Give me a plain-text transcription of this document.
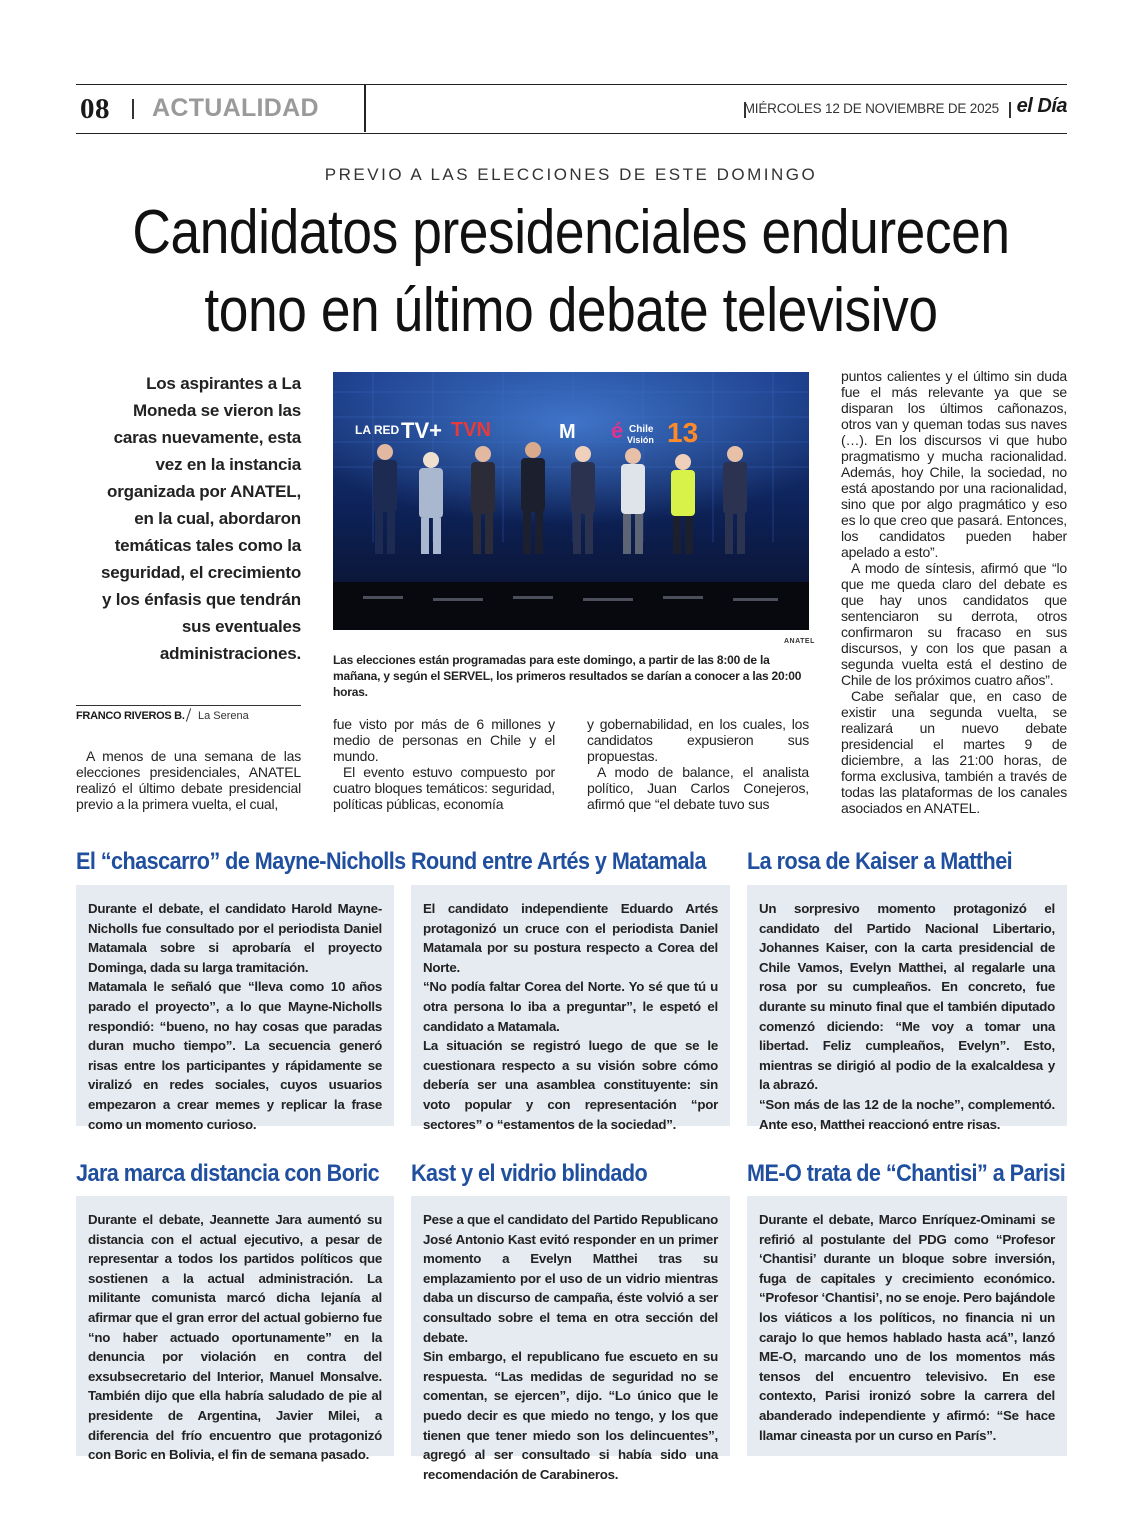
08 ACTUALIDAD	MIÉRCOLES 12 DE NOVIEMBRE DE 2025 el Día
PREVIO A LAS ELECCIONES DE ESTE DOMINGO
Candidatos presidenciales endurecen tono en último debate televisivo
Los aspirantes a La Moneda se vieron las caras nuevamente, esta vez en la instancia organizada por ANATEL, en la cual, abordaron temáticas tales como la seguridad, el crecimiento y los énfasis que tendrán sus eventuales administraciones.
LA RED TV+ TVN	M é Chile
Visión 13
ANATEL
Las elecciones están programadas para este domingo, a partir de las 8:00 de la mañana, y según el SERVEL, los primeros resultados se darían a conocer a las 20:00 horas.
FRANCO RIVEROS B. La Serena

A menos de una semana de las elecciones presidenciales, ANATEL realizó el último debate presidencial previo a la primera vuelta, el cual,

fue visto por más de 6 millones y medio de personas en Chile y el mundo.

El evento estuvo compuesto por cuatro bloques temáticos: seguridad, políticas públicas, economía

y gobernabilidad, en los cuales, los candidatos expusieron sus propuestas.

A modo de balance, el analista político, Juan Carlos Conejeros, afirmó que “el debate tuvo sus

puntos calientes y el último sin duda fue el más relevante ya que se disparan los últimos cañonazos, otros van y queman todas sus naves (…). En los discursos vi que hubo pragmatismo y mucha racionalidad. Además, hoy Chile, la sociedad, no está apostando por una racionalidad, sino que por algo pragmático y eso es lo que creo que pasará. Entonces, los candidatos pueden haber apelado a esto”.

A modo de síntesis, afirmó que “lo que me queda claro del debate es que hay unos candidatos que sentenciaron su derrota, otros confirmaron su fracaso en sus discursos, y con los que pasan a segunda vuelta está el destino de Chile de los próximos cuatro años”.

Cabe señalar que, en caso de existir una segunda vuelta, se realizará un nuevo debate presidencial el martes 9 de diciembre, a las 21:00 horas, de forma exclusiva, también a través de todas las plataformas de los canales asociados en ANATEL.

El “chascarro” de Mayne-Nicholls

Durante el debate, el candidato Harold Mayne-Nicholls fue consultado por el periodista Daniel Matamala sobre si aprobaría el proyecto Dominga, dada su larga tramitación.

Matamala le señaló que “lleva como 10 años parado el proyecto”, a lo que Mayne-Nicholls respondió: “bueno, no hay cosas que paradas duran mucho tiempo”. La secuencia generó risas entre los participantes y rápidamente se viralizó en redes sociales, cuyos usuarios empezaron a crear memes y replicar la frase como un momento curioso.

Round entre Artés y Matamala

El candidato independiente Eduardo Artés protagonizó un cruce con el periodista Daniel Matamala por su postura respecto a Corea del Norte.

“No podía faltar Corea del Norte. Yo sé que tú u otra persona lo iba a preguntar”, le espetó el candidato a Matamala.

La situación se registró luego de que se le cuestionara respecto a su visión sobre cómo debería ser una asamblea constituyente: sin voto popular y con representación “por sectores” o “estamentos de la sociedad”.

La rosa de Kaiser a Matthei

Un sorpresivo momento protagonizó el candidato del Partido Nacional Libertario, Johannes Kaiser, con la carta presidencial de Chile Vamos, Evelyn Matthei, al regalarle una rosa por su cumpleaños. En concreto, fue durante su minuto final que el también diputado comenzó diciendo: “Me voy a tomar una libertad. Feliz cumpleaños, Evelyn”. Esto, mientras se dirigió al podio de la exalcaldesa y la abrazó.

“Son más de las 12 de la noche”, complementó. Ante eso, Matthei reaccionó entre risas.

Jara marca distancia con Boric

Durante el debate, Jeannette Jara aumentó su distancia con el actual ejecutivo, a pesar de representar a todos los partidos políticos que sostienen a la actual administración. La militante comunista marcó dicha lejanía al afirmar que el gran error del actual gobierno fue “no haber actuado oportunamente” en la denuncia por violación en contra del exsubsecretario del Interior, Manuel Monsalve. También dijo que ella habría saludado de pie al presidente de Argentina, Javier Milei, a diferencia del frío encuentro que protagonizó con Boric en Bolivia, el fin de semana pasado.

Kast y el vidrio blindado

Pese a que el candidato del Partido Republicano José Antonio Kast evitó responder en un primer momento a Evelyn Matthei tras su emplazamiento por el uso de un vidrio mientras daba un discurso de campaña, éste volvió a ser consultado sobre el tema en otra sección del debate.

Sin embargo, el republicano fue escueto en su respuesta. “Las medidas de seguridad no se comentan, se ejercen”, dijo. “Lo único que le puedo decir es que miedo no tengo, y los que tienen que tener miedo son los delincuentes”, agregó al ser consultado si había sido una recomendación de Carabineros.

ME-O trata de “Chantisi” a Parisi

Durante el debate, Marco Enríquez-Ominami se refirió al postulante del PDG como “Profesor ‘Chantisi’ durante un bloque sobre inversión, fuga de capitales y crecimiento económico. “Profesor ‘Chantisi’, no se enoje. Pero bajándole los viáticos a los políticos, no financia ni un carajo lo que hemos hablado hasta acá”, lanzó ME-O, marcando uno de los momentos más tensos del encuentro televisivo. En ese contexto, Parisi ironizó sobre la carrera del abanderado independiente y afirmó: “Se hace llamar cineasta por un curso en París”.
